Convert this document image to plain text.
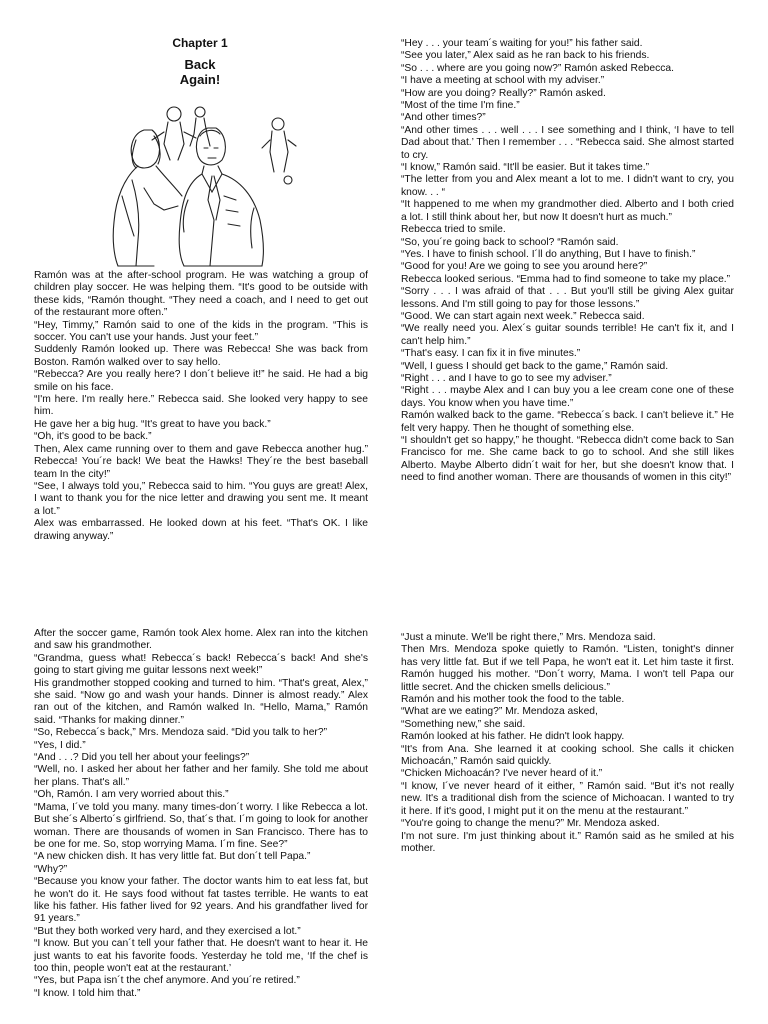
Chapter 1
Back
Again!

Ramón was at the after-school program. He was watching a group of children play soccer. He was helping them. “It's good to be outside with these kids, “Ramón thought. “They need a coach, and I need to get out of the restaurant more often.”

“Hey, Timmy,” Ramón said to one of the kids in the program. “This is soccer. You can't use your hands. Just your feet.”

Suddenly Ramón looked up. There was Rebecca! She was back from Boston. Ramón walked over to say hello.

“Rebecca? Are you really here? I don´t believe it!” he said. He had a big smile on his face.

“I'm here. I'm really here.” Rebecca said. She looked very happy to see him.

He gave her a big hug. “It's great to have you back.”

“Oh, it's good to be back.”

Then, Alex came running over to them and gave Rebecca another hug.” Rebecca! You´re back! We beat the Hawks! They´re the best baseball team In the city!”

“See, I always told you,” Rebecca said to him. “You guys are great! Alex, I want to thank you for the nice letter and drawing you sent me. It meant a lot.”

Alex was embarrassed. He looked down at his feet. “That's OK. I like drawing anyway.”

“Hey . . . your team´s waiting for you!” his father said.

“See you later,” Alex said as he ran back to his friends.

“So . . . where are you going now?” Ramón asked Rebecca.

“I have a meeting at school with my adviser.”

“How are you doing? Really?” Ramón asked.

“Most of the time I'm fine.”

“And other times?”

“And other times . . . well . . . I see something and I think, ‘I have to tell Dad about that.’ Then I remember . . . “Rebecca said. She almost started to cry.

“I know,” Ramón said. “It'll be easier. But it takes time.”

“The letter from you and Alex meant a lot to me. I didn't want to cry, you know. . . “

“It happened to me when my grandmother died. Alberto and I both cried a lot. I still think about her, but now It doesn't hurt as much.”

Rebecca tried to smile.

“So, you´re going back to school? “Ramón said.

“Yes. I have to finish school. I´ll do anything, But I have to finish.”

“Good for you! Are we going to see you around here?”

Rebecca looked serious. “Emma had to find someone to take my place.”

“Sorry . . . I was afraid of that . . . But you'll still be giving Alex guitar lessons. And I'm still going to pay for those lessons.”

“Good. We can start again next week.” Rebecca said.

“We really need you. Alex´s guitar sounds terrible! He can't fix it, and I can't help him.”

“That's easy. I can fix it in five minutes.”

“Well, I guess I should get back to the game,” Ramón said.

“Right . . . and I have to go to see my adviser.”

“Right . . . maybe Alex and I can buy you a lee cream cone one of these days. You know when you have time.”

Ramón walked back to the game. “Rebecca´s back. I can't believe it.” He felt very happy. Then he thought of something else.

“I shouldn't get so happy,” he thought. “Rebecca didn't come back to San Francisco for me. She came back to go to school. And she still likes Alberto. Maybe Alberto didn´t wait for her, but she doesn't know that. I need to find another woman. There are thousands of women in this city!”

After the soccer game, Ramón took Alex home. Alex ran into the kitchen and saw his grandmother.

“Grandma, guess what! Rebecca´s back! Rebecca´s back! And she's going to start giving me guitar lessons next week!”

His grandmother stopped cooking and turned to him. “That's great, Alex,” she said. “Now go and wash your hands. Dinner is almost ready.” Alex ran out of the kitchen, and Ramón walked In. “Hello, Mama,” Ramón said. “Thanks for making dinner.”

“So, Rebecca´s back,” Mrs. Mendoza said. “Did you talk to her?”

“Yes, I did.”

“And . . .? Did you tell her about your feelings?”

“Well, no. I asked her about her father and her family. She told me about her plans. That's all.”

“Oh, Ramón. I am very worried about this.”

“Mama, I´ve told you many. many times-don´t worry. I like Rebecca a lot. But she´s Alberto´s girlfriend. So, that´s that. I´m going to look for another woman. There are thousands of women in San Francisco. There has to be one for me. So, stop worrying Mama. I´m fine. See?”

“A new chicken dish. It has very little fat. But don´t tell Papa.”

“Why?”

“Because you know your father. The doctor wants him to eat less fat, but he won't do it. He says food without fat tastes terrible. He wants to eat like his father. His father lived for 92 years. And his grandfather lived for 91 years.”

“But they both worked very hard, and they exercised a lot.”

“I know. But you can´t tell your father that. He doesn't want to hear it. He just wants to eat his favorite foods. Yesterday he told me, ‘If the chef is too thin, people won't eat at the restaurant.’

“Yes, but Papa isn´t the chef anymore. And you´re retired.”

“I know. I told him that.”

“Just a minute. We'll be right there,” Mrs. Mendoza said.

Then Mrs. Mendoza spoke quietly to Ramón. “Listen, tonight's dinner has very little fat. But if we tell Papa, he won't eat it. Let him taste it first. Ramón hugged his mother. “Don´t worry, Mama. I won't tell Papa our little secret. And the chicken smells delicious.”

Ramón and his mother took the food to the table.

“What are we eating?” Mr. Mendoza asked,

“Something new,” she said.

Ramón looked at his father. He didn't look happy.

“It's from Ana. She learned it at cooking school. She calls it chicken Michoacán,” Ramón said quickly.

“Chicken Michoacán? I've never heard of it.”

“I know, I´ve never heard of it either, ” Ramón said. “But it's not really new. It's a traditional dish from the science of Michoacan. I wanted to try it here. If it's good, I might put it on the menu at the restaurant.”

“You're going to change the menu?” Mr. Mendoza asked.

I'm not sure. I'm just thinking about it.” Ramón said as he smiled at his mother.
